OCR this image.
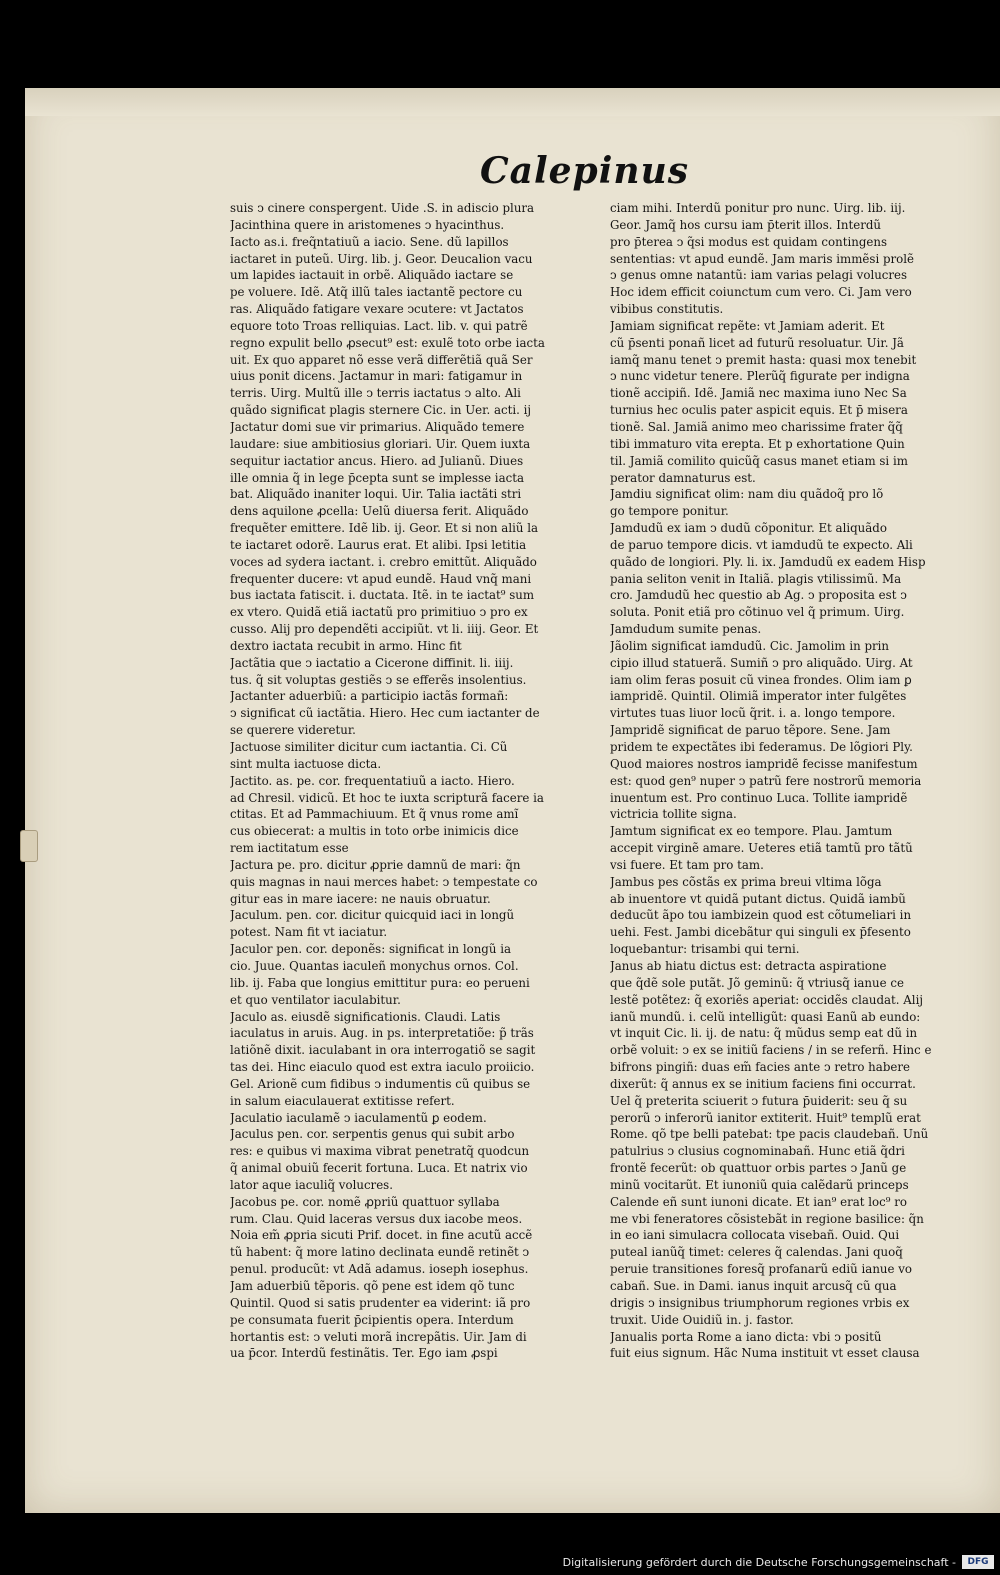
Calepinus
suis ↄ cinere conspergent. Uide .S. in adiscio plura
Jacinthina quere in aristomenes ↄ hyacinthus.
Iacto as.i. freq̃ntatiuũ a iacio. Sene. dũ lapillos
iactaret in puteũ. Uirg. lib. j. Geor. Deucalion vacu
um lapides iactauit in orbẽ. Aliquãdo iactare se
pe voluere. Idẽ. Atq̃ illũ tales iactantẽ pectore cu
ras. Aliquãdo fatigare vexare ↄcutere: vt Jactatos
equore toto Troas relliquias. Lact. lib. v. qui patrẽ
regno expulit bello ꝓsecut⁹ est: exulẽ toto orbe iacta
uit. Ex quo apparet nõ esse verã differẽtiã quã Ser
uius ponit dicens. Jactamur in mari: fatigamur in
terris. Uirg. Multũ ille ↄ terris iactatus ↄ alto. Ali
quãdo significat plagis sternere Cic. in Uer. acti. ij
Jactatur domi sue vir primarius. Aliquãdo temere
laudare: siue ambitiosius gloriari. Uir. Quem iuxta
sequitur iactatior ancus. Hiero. ad Julianũ. Diues
ille omnia q̃ in lege p̄cepta sunt se implesse iacta
bat. Aliquãdo inaniter loqui. Uir. Talia iactãti stri
dens aquilone ꝓcella: Uelũ diuersa ferit. Aliquãdo
frequẽter emittere. Idẽ lib. ij. Geor. Et si non aliũ la
te iactaret odorẽ. Laurus erat. Et alibi. Ipsi letitia
voces ad sydera iactant. i. crebro emittũt. Aliquãdo
frequenter ducere: vt apud eundẽ. Haud vnq̃ mani
bus iactata fatiscit. i. ductata. Itẽ. in te iactat⁹ sum
ex vtero. Quidã etiã iactatũ pro primitiuo ↄ pro ex
cusso. Alij pro dependẽti accipiũt. vt li. iiij. Geor. Et
dextro iactata recubit in armo. Hinc fit
Jactãtia que ↄ iactatio a Cicerone diffinit. li. iiij.
tus. q̃ sit voluptas gestiẽs ↄ se efferẽs insolentius.
Jactanter aduerbiũ: a participio iactãs formañ:
ↄ significat cũ iactãtia. Hiero. Hec cum iactanter de
se querere videretur.
Jactuose similiter dicitur cum iactantia. Ci. Cũ
sint multa iactuose dicta.
Jactito. as. pe. cor. frequentatiuũ a iacto. Hiero.
ad Chresil. vidicũ. Et hoc te iuxta scripturã facere ia
ctitas. Et ad Pammachiuum. Et q̃ vnus rome amĩ
cus obiecerat: a multis in toto orbe inimicis dice
rem iactitatum esse
Jactura pe. pro. dicitur ꝓprie damnũ de mari: q̃n
quis magnas in naui merces habet: ↄ tempestate co
gitur eas in mare iacere: ne nauis obruatur.
Jaculum. pen. cor. dicitur quicquid iaci in longũ
potest. Nam fit vt iaciatur.
Jaculor pen. cor. deponẽs: significat in longũ ia
cio. Juue. Quantas iaculeñ monychus ornos. Col.
lib. ij. Faba que longius emittitur pura: eo perueni
et quo ventilator iaculabitur.
Jaculo as. eiusdẽ significationis. Claudi. Latis
iaculatus in aruis. Aug. in ps. interpretatiõe: p̃ trãs
latiõnẽ dixit. iaculabant in ora interrogatiõ se sagit
tas dei. Hinc eiaculo quod est extra iaculo proiicio.
Gel. Arionẽ cum fidibus ↄ indumentis cũ quibus se
in salum eiaculauerat extitisse refert.
Jaculatio iaculamẽ ↄ iaculamentũ ꝑ eodem.
Jaculus pen. cor. serpentis genus qui subit arbo
res: e quibus vi maxima vibrat penetratq̃ quodcun
q̃ animal obuiũ fecerit fortuna. Luca. Et natrix vio
lator aque iaculiq̃ volucres.
Jacobus pe. cor. nomẽ ꝓpriũ quattuor syllaba
rum. Clau. Quid laceras versus dux iacobe meos.
Noia em̃ ꝓpria sicuti Prif. docet. in fine acutũ accẽ
tũ habent: q̃ more latino declinata eundẽ retinẽt ↄ
penul. producũt: vt Adã adamus. ioseph iosephus.
Jam aduerbiũ tẽporis. qõ pene est idem qõ tunc
Quintil. Quod si satis prudenter ea viderint: iã pro
pe consumata fuerit p̄cipientis opera. Interdum
hortantis est: ↄ veluti morã increpãtis. Uir. Jam di
ua p̄cor. Interdũ festinãtis. Ter. Ego iam ꝓspi
ciam mihi. Interdũ ponitur pro nunc. Uirg. lib. iij.
Geor. Jamq̃ hos cursu iam p̄terit illos. Interdũ
pro p̄terea ↄ q̃si modus est quidam contingens
sententias: vt apud eundẽ. Jam maris immẽsi prolẽ
ↄ genus omne natantũ: iam varias pelagi volucres
Hoc idem efficit coiunctum cum vero. Ci. Jam vero
vibibus constitutis.
Jamiam significat repẽte: vt Jamiam aderit. Et
cũ p̄senti ponañ licet ad futurũ resoluatur. Uir. Jã
iamq̃ manu tenet ↄ premit hasta: quasi mox tenebit
ↄ nunc videtur tenere. Plerũq̃ figurate per indigna
tionẽ accipiñ. Idẽ. Jamiã nec maxima iuno Nec Sa
turnius hec oculis pater aspicit equis. Et p̄ misera
tionẽ. Sal. Jamiã animo meo charissime frater q̃q̃
tibi immaturo vita erepta. Et p exhortatione Quin
til. Jamiã comilito quicũq̃ casus manet etiam si im
perator damnaturus est.
Jamdiu significat olim: nam diu quãdoq̃ pro lõ
go tempore ponitur.
Jamdudũ ex iam ↄ dudũ cõponitur. Et aliquãdo
de paruo tempore dicis. vt iamdudũ te expecto. Ali
quãdo de longiori. Ply. li. ix. Jamdudũ ex eadem Hisp
pania seliton venit in Italiã. plagis vtilissimũ. Ma
cro. Jamdudũ hec questio ab Ag. ↄ proposita est ↄ
soluta. Ponit etiã pro cõtinuo vel q̃ primum. Uirg.
Jamdudum sumite penas.
Jãolim significat iamdudũ. Cic. Jamolim in prin
cipio illud statuerã. Sumiñ ↄ pro aliquãdo. Uirg. At
iam olim feras posuit cũ vinea frondes. Olim iam ꝑ
iampridẽ. Quintil. Olimiã imperator inter fulgẽtes
virtutes tuas liuor locũ q̃rit. i. a. longo tempore.
Jampridẽ significat de paruo tẽpore. Sene. Jam
pridem te expectãtes ibi federamus. De lõgiori Ply.
Quod maiores nostros iampridẽ fecisse manifestum
est: quod gen⁹ nuper ↄ patrũ fere nostrorũ memoria
inuentum est. Pro continuo Luca. Tollite iampridẽ
victricia tollite signa.
Jamtum significat ex eo tempore. Plau. Jamtum
accepit virginẽ amare. Ueteres etiã tamtũ pro tãtũ
vsi fuere. Et tam pro tam.
Jambus pes cõstãs ex prima breui vltima lõga
ab inuentore vt quidã putant dictus. Quidã iambũ
deducũt ãpo tou iambizein quod est cõtumeliari in
uehi. Fest. Jambi dicebãtur qui singuli ex p̄fesento
loquebantur: trisambi qui terni.
Janus ab hiatu dictus est: detracta aspiratione
que q̃dẽ sole putãt. Jõ geminũ: q̃ vtriusq̃ ianue ce
lestẽ potẽtez: q̃ exoriẽs aperiat: occidẽs claudat. Alij
ianũ mundũ. i. celũ intelligũt: quasi Eanũ ab eundo:
vt inquit Cic. li. ij. de natu: q̃ mũdus semp eat dũ in
orbẽ voluit: ↄ ex se initiũ faciens / in se referñ. Hinc e
bifrons pingiñ: duas em̃ facies ante ↄ retro habere
dixerũt: q̃ annus ex se initium faciens fini occurrat.
Uel q̃ preterita sciuerit ↄ futura p̄uiderit: seu q̃ su
perorũ ↄ inferorũ ianitor extiterit. Huit⁹ templũ erat
Rome. qõ tpe belli patebat: tpe pacis claudebañ. Unũ
patulrius ↄ clusius cognominabañ. Hunc etiã q̃dri
frontẽ fecerũt: ob quattuor orbis partes ↄ Janũ ge
minũ vocitarũt. Et iunoniũ quia calẽdarũ princeps
Calende eñ sunt iunoni dicate. Et ian⁹ erat loc⁹ ro
me vbi feneratores cõsistebãt in regione basilice: q̃n
in eo iani simulacra collocata visebañ. Ouid. Qui
puteal ianũq̃ timet: celeres q̃ calendas. Jani quoq̃
peruie transitiones foresq̃ profanarũ ediũ ianue vo
cabañ. Sue. in Dami. ianus inquit arcusq̃ cũ qua
drigis ↄ insignibus triumphorum regiones vrbis ex
truxit. Uide Ouidiũ in. j. fastor.
Janualis porta Rome a iano dicta: vbi ↄ positũ
fuit eius signum. Hãc Numa instituit vt esset clausa
Digitalisierung gefördert durch die Deutsche Forschungsgemeinschaft -	DFG
